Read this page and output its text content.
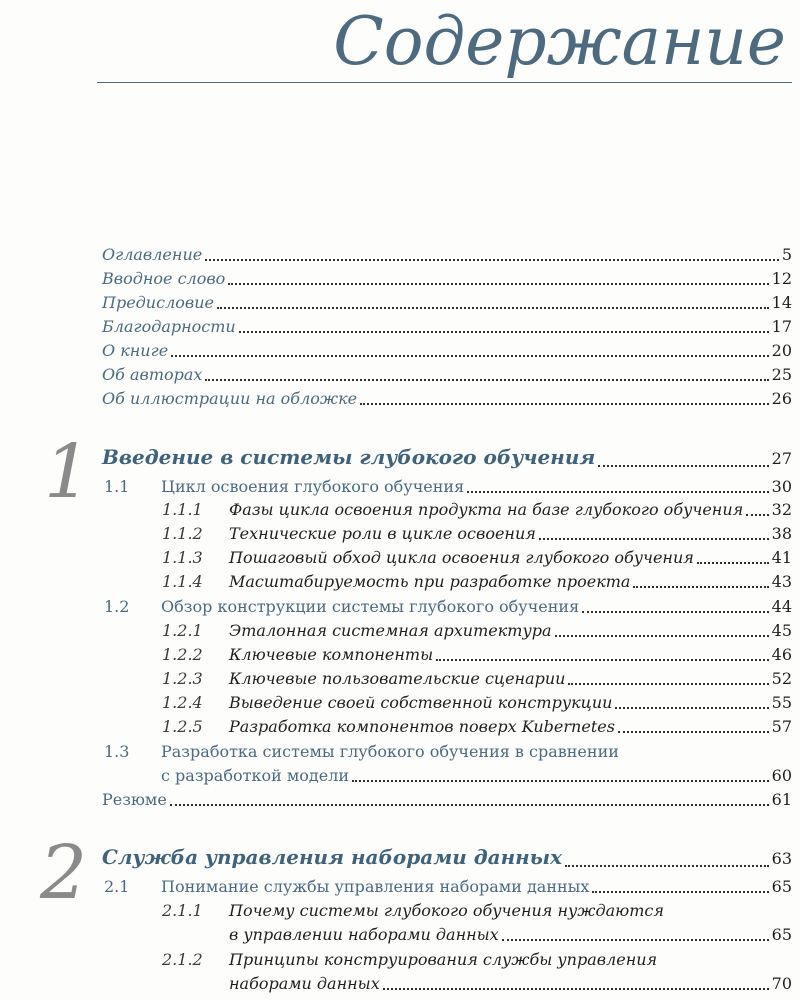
Содержание
Оглавление	5
Вводное слово	12
Предисловие	14
Благодарности	17
О книге	20
Об авторах	25
Об иллюстрации на обложке	26
1 Введение в системы глубокого обучения	27
1.1 Цикл освоения глубокого обучения	30
1.1.1 Фазы цикла освоения продукта на базе глубокого обучения 32
1.1.2 Технические роли в цикле освоения	38
1.1.3 Пошаговый обход цикла освоения глубокого обучения	41
1.1.4 Масштабируемость при разработке проекта	43
1.2 Обзор конструкции системы глубокого обучения	44
1.2.1 Эталонная системная архитектура	45
1.2.2 Ключевые компоненты	46
1.2.3 Ключевые пользовательские сценарии	52
1.2.4 Выведение своей собственной конструкции	55
1.2.5 Разработка компонентов поверх Kubernetes	57
1.3 Разработка системы глубокого обучения в сравнении
с разработкой модели	60
Резюме	61
2 Служба управления наборами данных	63
2.1 Понимание службы управления наборами данных	65
2.1.1 Почему системы глубокого обучения нуждаются
в управлении наборами данных	65
2.1.2 Принципы конструирования службы управления
наборами данных	70
